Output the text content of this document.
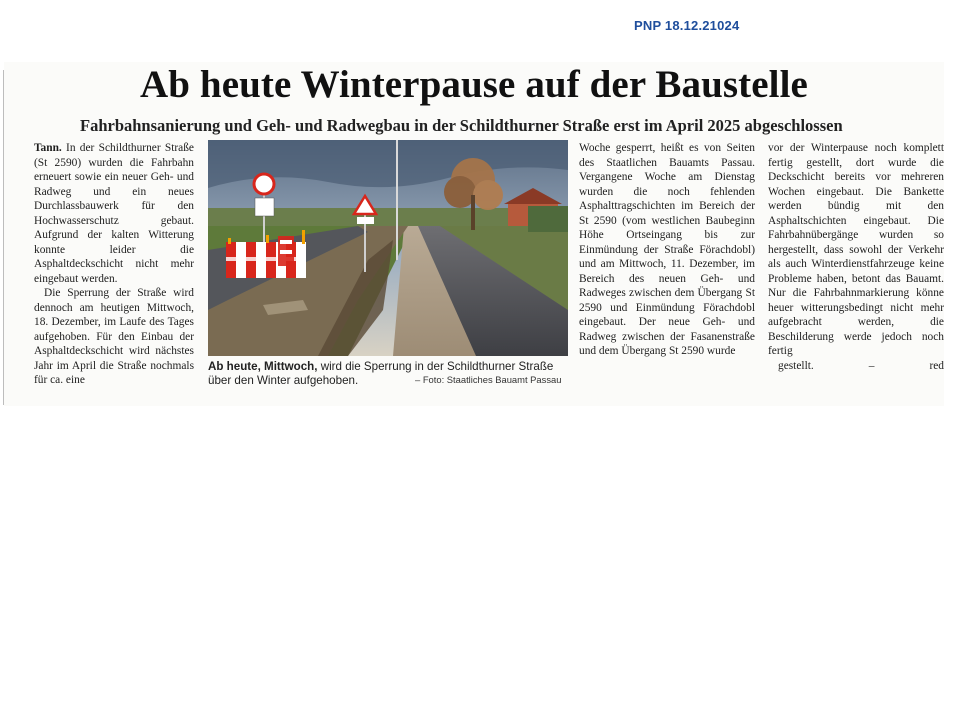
PNP 18.12.21024
Ab heute Winterpause auf der Baustelle
Fahrbahnsanierung und Geh- und Radwegbau in der Schildthurner Straße erst im April 2025 abgeschlossen

Tann. In der Schildthurner Straße (St 2590) wurden die Fahrbahn erneuert sowie ein neuer Geh- und Radweg und ein neues Durchlassbauwerk für den Hochwasserschutz gebaut. Aufgrund der kalten Witterung konnte leider die Asphaltdeckschicht nicht mehr eingebaut werden.

Die Sperrung der Straße wird dennoch am heutigen Mittwoch, 18. Dezember, im Laufe des Tages aufgehoben. Für den Einbau der Asphaltdeckschicht wird nächstes Jahr im April die Straße nochmals für ca. eine

Ab heute, Mittwoch, wird die Sperrung in der Schildthurner Straße über den Winter aufgehoben.	– Foto: Staatliches Bauamt Passau

Woche gesperrt, heißt es von Seiten des Staatlichen Bauamts Passau. Vergangene Woche am Dienstag wurden die noch fehlenden Asphalttragschichten im Bereich der St 2590 (vom westlichen Baubeginn Höhe Ortseingang bis zur Einmündung der Straße Förachdobl) und am Mittwoch, 11. Dezember, im Bereich des neuen Geh- und Radweges zwischen dem Übergang St 2590 und Einmündung Förachdobl eingebaut. Der neue Geh- und Radweg zwischen der Fasanenstraße und dem Übergang St 2590 wurde

vor der Winterpause noch komplett fertig gestellt, dort wurde die Deckschicht bereits vor mehreren Wochen eingebaut. Die Bankette werden bündig mit den Asphaltschichten eingebaut. Die Fahrbahnübergänge wurden so hergestellt, dass sowohl der Verkehr als auch Winterdienstfahrzeuge keine Probleme haben, betont das Bauamt. Nur die Fahrbahnmarkierung könne heuer witterungsbedingt nicht mehr aufgebracht werden, die Beschilderung werde jedoch noch fertig

gestellt.	– red
